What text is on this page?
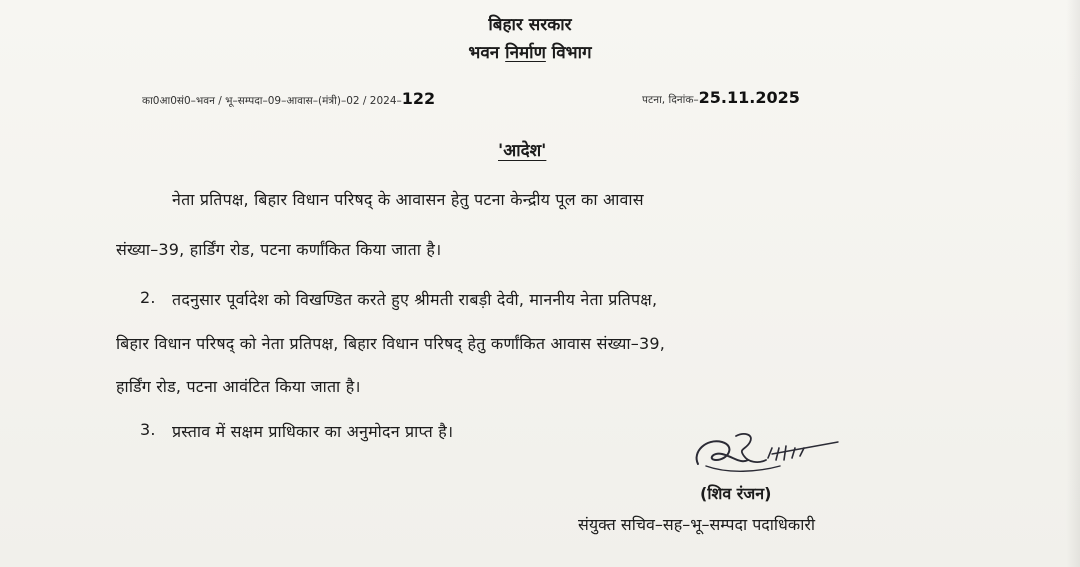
बिहार सरकार
भवन निर्माण विभाग
का0आ0सं0–भवन / भू–सम्पदा–09–आवास–(मंत्री)–02 / 2024–122	पटना, दिनांक–25.11.2025
'आदेश'
नेता प्रतिपक्ष, बिहार विधान परिषद् के आवासन हेतु पटना केन्द्रीय पूल का आवास
संख्या–39, हार्डिंग रोड, पटना कर्णांकित किया जाता है।
2. तदनुसार पूर्वादेश को विखण्डित करते हुए श्रीमती राबड़ी देवी, माननीय नेता प्रतिपक्ष,
बिहार विधान परिषद् को नेता प्रतिपक्ष, बिहार विधान परिषद् हेतु कर्णांकित आवास संख्या–39,
हार्डिंग रोड, पटना आवंटित किया जाता है।
3. प्रस्ताव में सक्षम प्राधिकार का अनुमोदन प्राप्त है।
(शिव रंजन)
संयुक्त सचिव–सह–भू–सम्पदा पदाधिकारी
